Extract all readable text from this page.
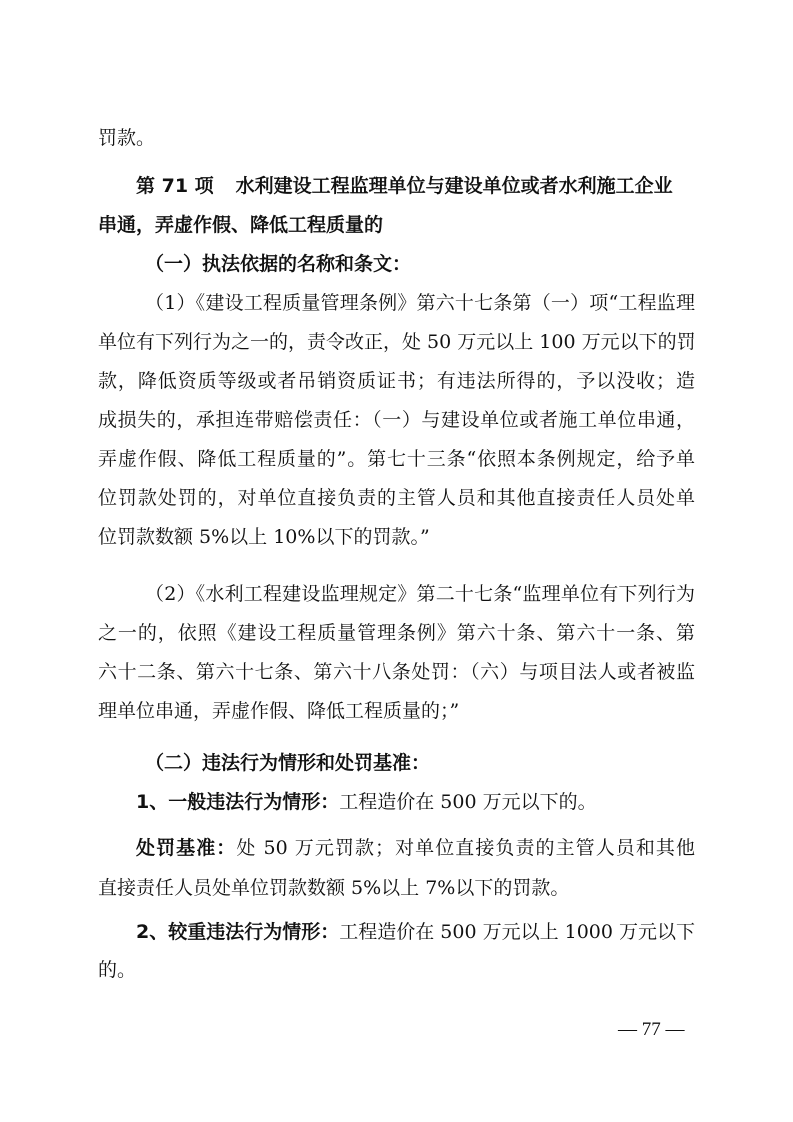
罚款。
第 71 项 水利建设工程监理单位与建设单位或者水利施工企业
串通，弄虚作假、降低工程质量的
（一）执法依据的名称和条文：
（1）《建设工程质量管理条例》第六十七条第（一）项“工程监理
单位有下列行为之一的，责令改正，处 50 万元以上 100 万元以下的罚
款，降低资质等级或者吊销资质证书；有违法所得的，予以没收；造
成损失的，承担连带赔偿责任：（一）与建设单位或者施工单位串通，
弄虚作假、降低工程质量的”。第七十三条“依照本条例规定，给予单
位罚款处罚的，对单位直接负责的主管人员和其他直接责任人员处单
位罚款数额 5%以上 10%以下的罚款。”
（2）《水利工程建设监理规定》第二十七条“监理单位有下列行为
之一的，依照《建设工程质量管理条例》第六十条、第六十一条、第
六十二条、第六十七条、第六十八条处罚：（六）与项目法人或者被监
理单位串通，弄虚作假、降低工程质量的；”
（二）违法行为情形和处罚基准：
1、一般违法行为情形：工程造价在 500 万元以下的。
处罚基准：处 50 万元罚款；对单位直接负责的主管人员和其他
直接责任人员处单位罚款数额 5%以上 7%以下的罚款。
2、较重违法行为情形：工程造价在 500 万元以上 1000 万元以下
的。
— 77 —
